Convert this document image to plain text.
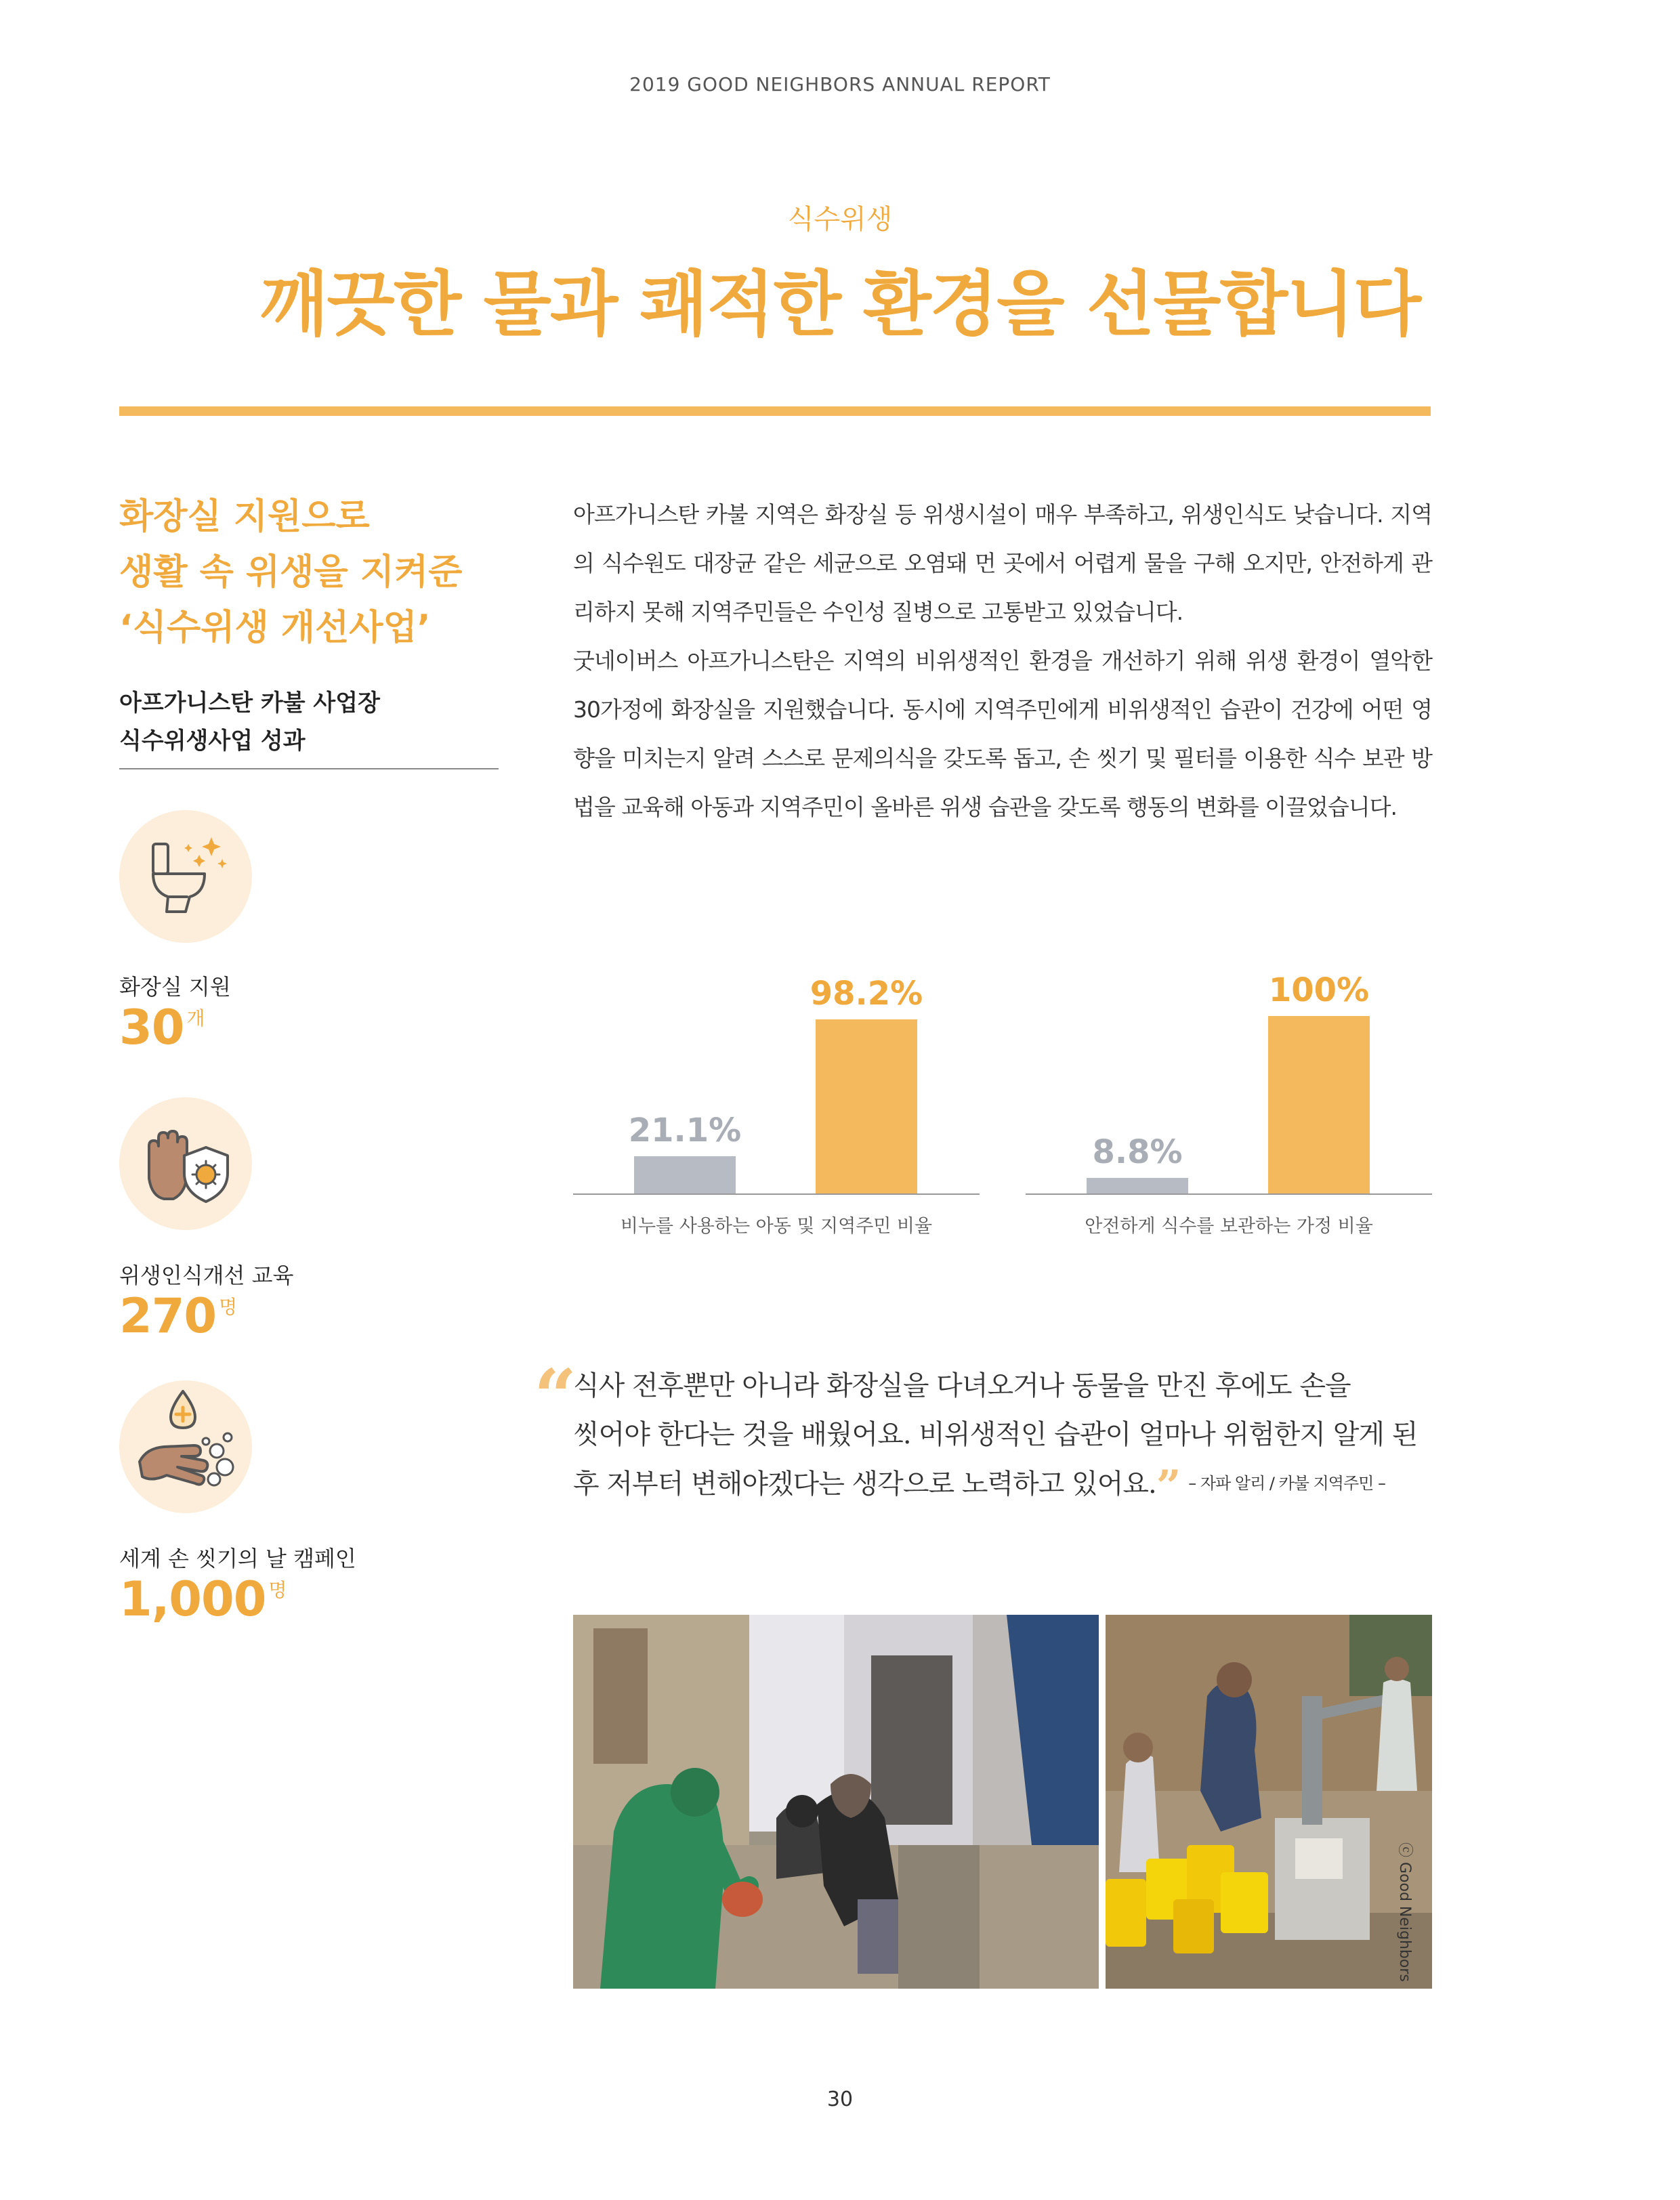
2019 GOOD NEIGHBORS ANNUAL REPORT
식수위생
깨끗한 물과 쾌적한 환경을 선물합니다
화장실 지원으로
생활 속 위생을 지켜준
‘식수위생 개선사업’
아프가니스탄 카불 사업장
식수위생사업 성과
화장실 지원
30 $^개$
위생인식개선 교육
270 $^명$
세계 손 씻기의 날 캠페인
1,000 $^명$

아프가니스탄 카불 지역은 화장실 등 위생시설이 매우 부족하고, 위생인식도 낮습니다. 지역의 식수원도 대장균 같은 세균으로 오염돼 먼 곳에서 어렵게 물을 구해 오지만, 안전하게 관리하지 못해 지역주민들은 수인성 질병으로 고통받고 있었습니다.

굿네이버스 아프가니스탄은 지역의 비위생적인 환경을 개선하기 위해 위생 환경이 열악한 30가정에 화장실을 지원했습니다. 동시에 지역주민에게 비위생적인 습관이 건강에 어떤 영향을 미치는지 알려 스스로 문제의식을 갖도록 돕고, 손 씻기 및 필터를 이용한 식수 보관 방법을 교육해 아동과 지역주민이 올바른 위생 습관을 갖도록 행동의 변화를 이끌었습니다.

21.1%
98.2%
비누를 사용하는 아동 및 지역주민 비율
8.8%
100%
안전하게 식수를 보관하는 가정 비율
“
식사 전후뿐만 아니라 화장실을 다녀오거나 동물을 만진 후에도 손을
씻어야 한다는 것을 배웠어요. 비위생적인 습관이 얼마나 위험한지 알게 된
후 저부터 변해야겠다는 생각으로 노력하고 있어요.” – 자파 알리 / 카불 지역주민 –
ⓒ Good Neighbors
30
